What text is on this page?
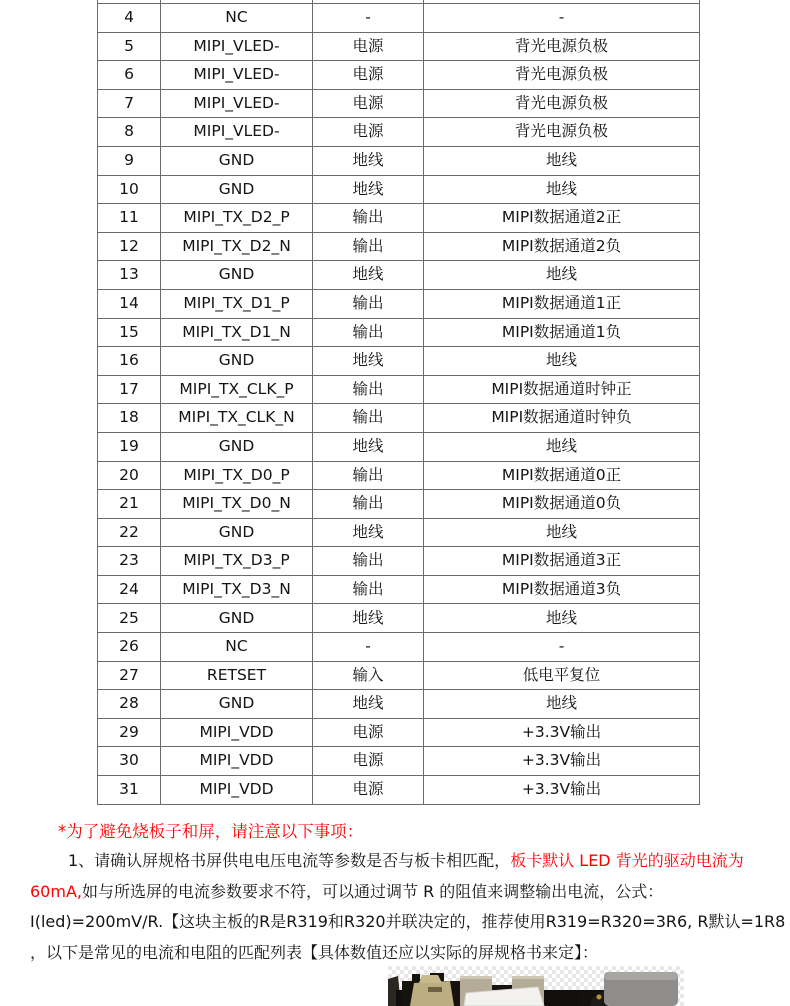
4	NC	-	-
5	MIPI_VLED-	电源	背光电源负极
6	MIPI_VLED-	电源	背光电源负极
7	MIPI_VLED-	电源	背光电源负极
8	MIPI_VLED-	电源	背光电源负极
9	GND	地线	地线
10	GND	地线	地线
11	MIPI_TX_D2_P	输出	MIPI数据通道2正
12	MIPI_TX_D2_N	输出	MIPI数据通道2负
13	GND	地线	地线
14	MIPI_TX_D1_P	输出	MIPI数据通道1正
15	MIPI_TX_D1_N	输出	MIPI数据通道1负
16	GND	地线	地线
17	MIPI_TX_CLK_P	输出	MIPI数据通道时钟正
18	MIPI_TX_CLK_N	输出	MIPI数据通道时钟负
19	GND	地线	地线
20	MIPI_TX_D0_P	输出	MIPI数据通道0正
21	MIPI_TX_D0_N	输出	MIPI数据通道0负
22	GND	地线	地线
23	MIPI_TX_D3_P	输出	MIPI数据通道3正
24	MIPI_TX_D3_N	输出	MIPI数据通道3负
25	GND	地线	地线
26	NC	-	-
27	RETSET	输入	低电平复位
28	GND	地线	地线
29	MIPI_VDD	电源	+3.3V输出
30	MIPI_VDD	电源	+3.3V输出
31	MIPI_VDD	电源	+3.3V输出
*为了避免烧板子和屏，请注意以下事项：
1、请确认屏规格书屏供电电压电流等参数是否与板卡相匹配，板卡默认 LED 背光的驱动电流为
60mA,如与所选屏的电流参数要求不符，可以通过调节 R 的阻值来调整输出电流，公式：
I(led)=200mV/R.【这块主板的R是R319和R320并联决定的，推荐使用R319=R320=3R6, R默认=1R8
，以下是常见的电流和电阻的匹配列表【具体数值还应以实际的屏规格书来定】：
